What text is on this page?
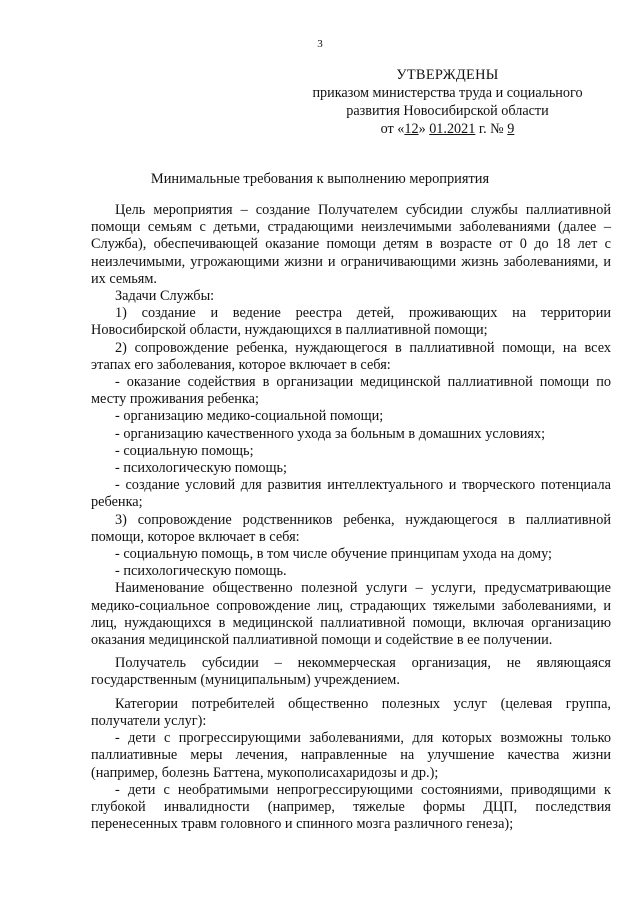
3
УТВЕРЖДЕНЫ
приказом министерства труда и социального
развития Новосибирской области
от «12» 01.2021 г. № 9
Минимальные требования к выполнению мероприятия

Цель мероприятия – создание Получателем субсидии службы паллиативной помощи семьям с детьми, страдающими неизлечимыми заболеваниями (далее – Служба), обеспечивающей оказание помощи детям в возрасте от 0 до 18 лет с неизлечимыми, угрожающими жизни и ограничивающими жизнь заболеваниями, и их семьям.

Задачи Службы:

1) создание и ведение реестра детей, проживающих на территории Новосибирской области, нуждающихся в паллиативной помощи;

2) сопровождение ребенка, нуждающегося в паллиативной помощи, на всех этапах его заболевания, которое включает в себя:

- оказание содействия в организации медицинской паллиативной помощи по месту проживания ребенка;

- организацию медико-социальной помощи;

- организацию качественного ухода за больным в домашних условиях;

- социальную помощь;

- психологическую помощь;

- создание условий для развития интеллектуального и творческого потенциала ребенка;

3) сопровождение родственников ребенка, нуждающегося в паллиативной помощи, которое включает в себя:

- социальную помощь, в том числе обучение принципам ухода на дому;

- психологическую помощь.

Наименование общественно полезной услуги – услуги, предусматривающие медико-социальное сопровождение лиц, страдающих тяжелыми заболеваниями, и лиц, нуждающихся в медицинской паллиативной помощи, включая организацию оказания медицинской паллиативной помощи и содействие в ее получении.

Получатель субсидии – некоммерческая организация, не являющаяся государственным (муниципальным) учреждением.

Категории потребителей общественно полезных услуг (целевая группа, получатели услуг):

- дети с прогрессирующими заболеваниями, для которых возможны только паллиативные меры лечения, направленные на улучшение качества жизни (например, болезнь Баттена, мукополисахаридозы и др.);

- дети с необратимыми непрогрессирующими состояниями, приводящими к глубокой инвалидности (например, тяжелые формы ДЦП, последствия перенесенных травм головного и спинного мозга различного генеза);
